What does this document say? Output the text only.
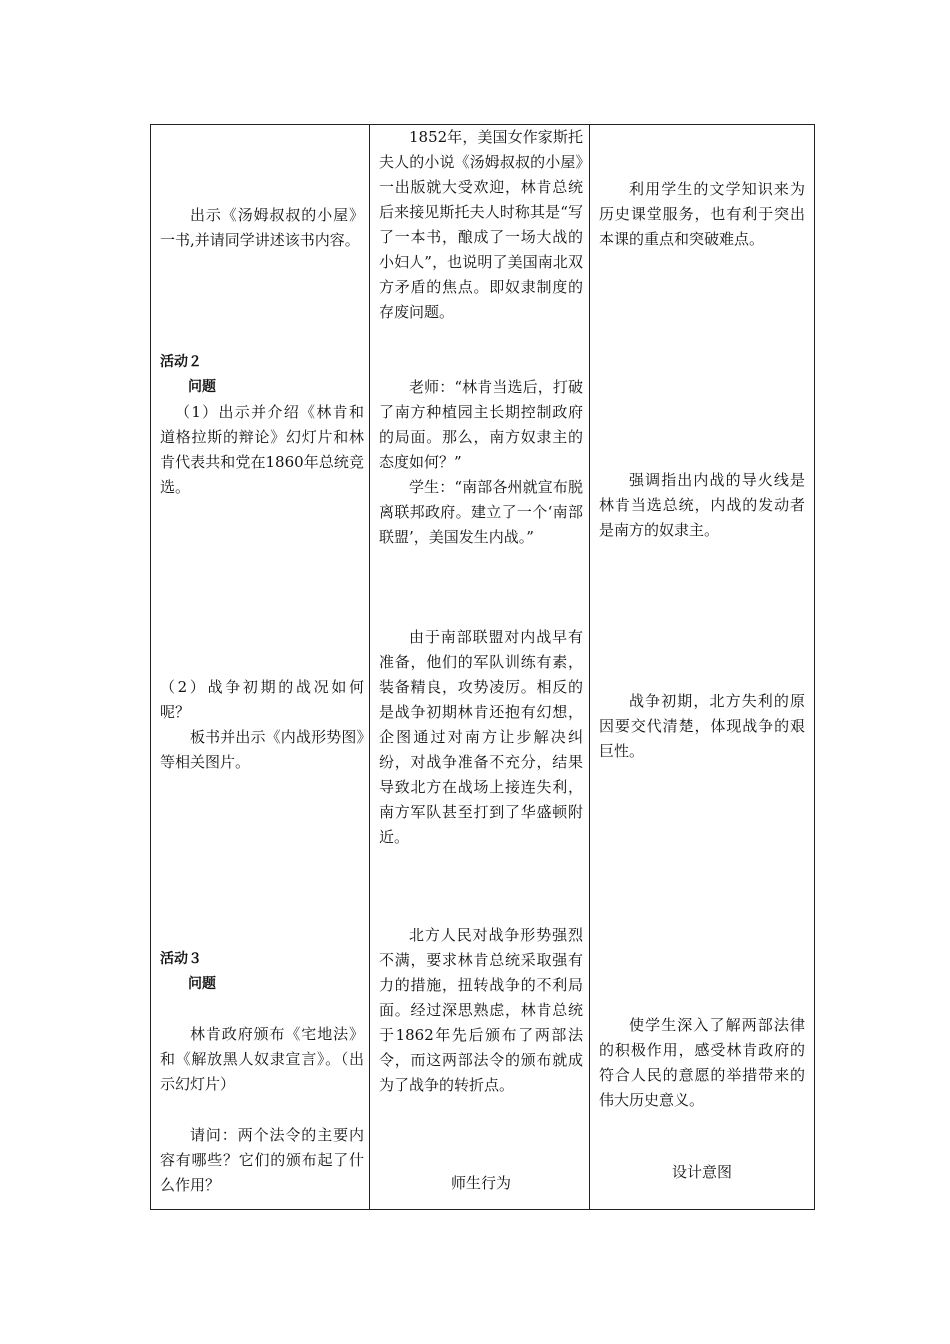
出示《汤姆叔叔的小屋》一书,并请同学讲述该书内容。

活动２

问题

（1）出示并介绍《林肯和道格拉斯的辩论》幻灯片和林肯代表共和党在1860年总统竞选。

（2）战争初期的战况如何呢？

板书并出示《内战形势图》等相关图片。

活动３

问题

林肯政府颁布《宅地法》和《解放黑人奴隶宣言》。（出示幻灯片）

请问：两个法令的主要内容有哪些？它们的颁布起了什么作用？

1852年，美国女作家斯托夫人的小说《汤姆叔叔的小屋》一出版就大受欢迎，林肯总统后来接见斯托夫人时称其是“写了一本书，酿成了一场大战的小妇人”，也说明了美国南北双方矛盾的焦点。即奴隶制度的存废问题。

老师：“林肯当选后，打破了南方种植园主长期控制政府的局面。那么，南方奴隶主的态度如何？”

学生：“南部各州就宣布脱离联邦政府。建立了一个‘南部联盟’，美国发生内战。”

由于南部联盟对内战早有准备，他们的军队训练有素，装备精良，攻势凌厉。相反的是战争初期林肯还抱有幻想，企图通过对南方让步解决纠纷，对战争准备不充分，结果导致北方在战场上接连失利，南方军队甚至打到了华盛顿附近。

北方人民对战争形势强烈不满，要求林肯总统采取强有力的措施，扭转战争的不利局面。经过深思熟虑，林肯总统于1862年先后颁布了两部法令，而这两部法令的颁布就成为了战争的转折点。

师生行为

利用学生的文学知识来为历史课堂服务，也有利于突出本课的重点和突破难点。

强调指出内战的导火线是林肯当选总统，内战的发动者是南方的奴隶主。

战争初期，北方失利的原因要交代清楚，体现战争的艰巨性。

使学生深入了解两部法律的积极作用，感受林肯政府的符合人民的意愿的举措带来的伟大历史意义。

设计意图
